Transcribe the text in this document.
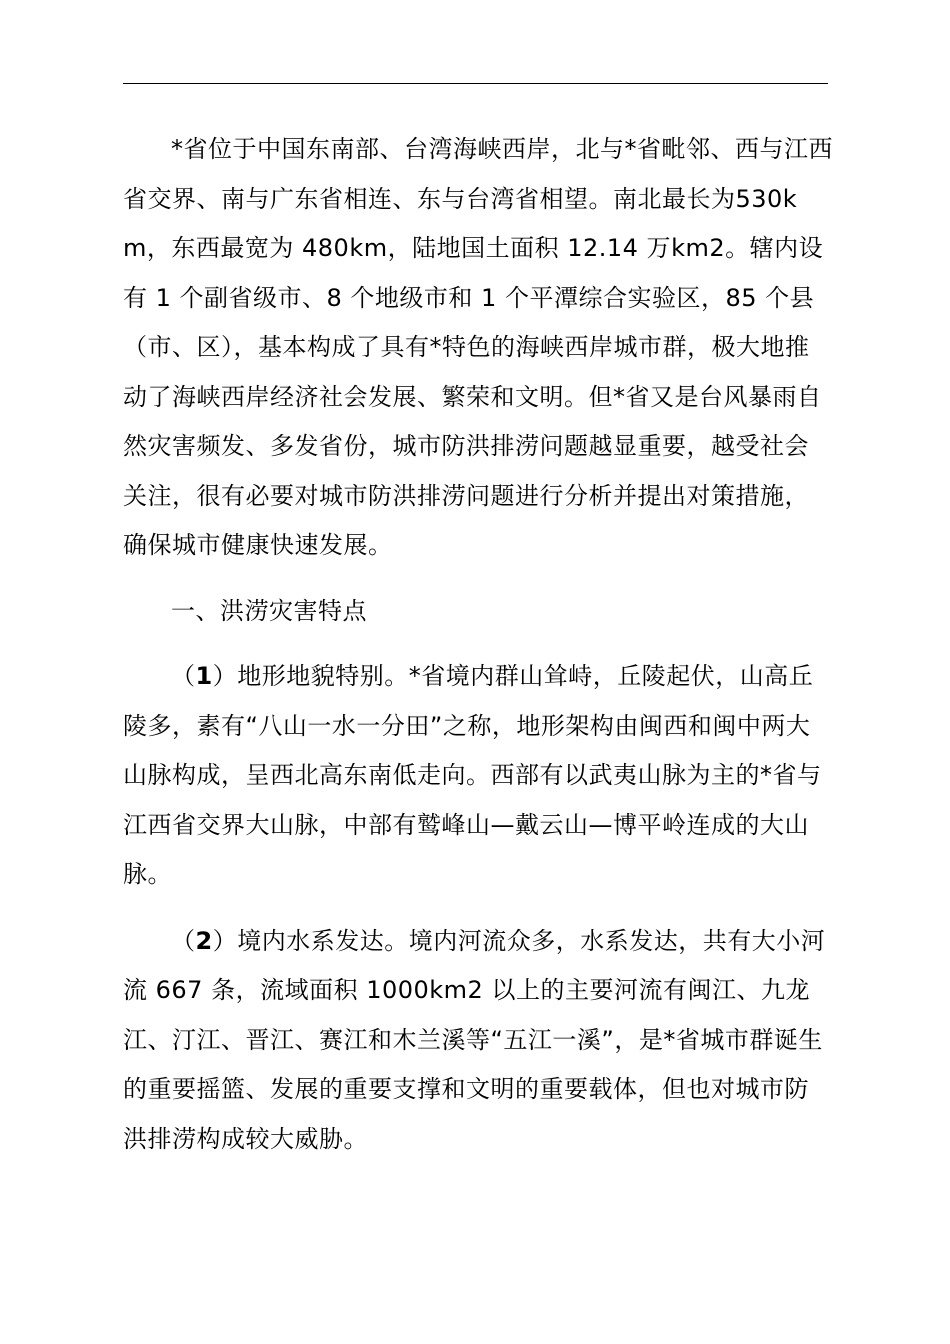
*省位于中国东南部、台湾海峡西岸，北与*省毗邻、西与江西省交界、南与广东省相连、东与台湾省相望。南北最长为530km，东西最宽为 480km，陆地国土面积 12.14 万km2。辖内设有 1 个副省级市、8 个地级市和 1 个平潭综合实验区，85 个县（市、区），基本构成了具有*特色的海峡西岸城市群，极大地推动了海峡西岸经济社会发展、繁荣和文明。但*省又是台风暴雨自然灾害频发、多发省份，城市防洪排涝问题越显重要，越受社会关注，很有必要对城市防洪排涝问题进行分析并提出对策措施，确保城市健康快速发展。

一、洪涝灾害特点

（1）地形地貌特别。*省境内群山耸峙，丘陵起伏，山高丘陵多，素有“八山一水一分田”之称，地形架构由闽西和闽中两大山脉构成，呈西北高东南低走向。西部有以武夷山脉为主的*省与江西省交界大山脉，中部有鹫峰山—戴云山—博平岭连成的大山脉。

（2）境内水系发达。境内河流众多，水系发达，共有大小河流 667 条，流域面积 1000km2 以上的主要河流有闽江、九龙江、汀江、晋江、赛江和木兰溪等“五江一溪”，是*省城市群诞生的重要摇篮、发展的重要支撑和文明的重要载体，但也对城市防洪排涝构成较大威胁。
